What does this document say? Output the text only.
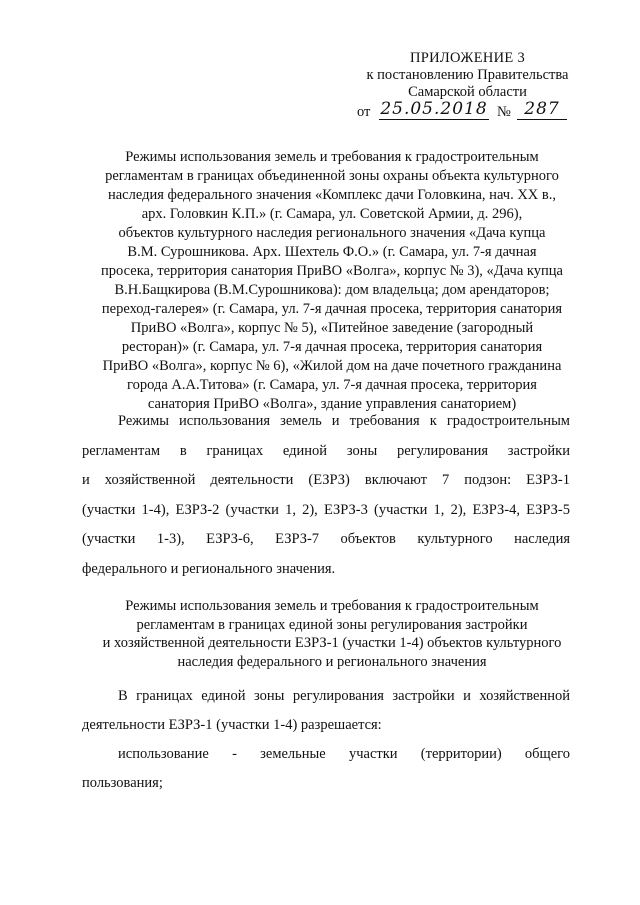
ПРИЛОЖЕНИЕ 3
к постановлению Правительства
Самарской области
от 25.05.2018 № 287
Режимы использования земель и требования к градостроительным
регламентам в границах объединенной зоны охраны объекта культурного
наследия федерального значения «Комплекс дачи Головкина, нач. XX в.,
арх. Головкин К.П.» (г. Самара, ул. Советской Армии, д. 296),
объектов культурного наследия регионального значения «Дача купца
В.М. Сурошникова. Арх. Шехтель Ф.О.» (г. Самара, ул. 7-я дачная
просека, территория санатория ПриВО «Волга», корпус № 3), «Дача купца
В.Н.Бащкирова (В.М.Сурошникова): дом владельца; дом арендаторов;
переход-галерея» (г. Самара, ул. 7-я дачная просека, территория санатория
ПриВО «Волга», корпус № 5), «Питейное заведение (загородный
ресторан)» (г. Самара, ул. 7-я дачная просека, территория санатория
ПриВО «Волга», корпус № 6), «Жилой дом на даче почетного гражданина
города А.А.Титова» (г. Самара, ул. 7-я дачная просека, территория
санатория ПриВО «Волга», здание управления санаторием)
Режимы использования земель и требования к градостроительным
регламентам в границах единой зоны регулирования застройки
и хозяйственной деятельности (ЕЗРЗ) включают 7 подзон: ЕЗРЗ-1
(участки 1-4), ЕЗРЗ-2 (участки 1, 2), ЕЗРЗ-3 (участки 1, 2), ЕЗРЗ-4, ЕЗРЗ-5
(участки 1-3), ЕЗРЗ-6, ЕЗРЗ-7 объектов культурного наследия
федерального и регионального значения.
Режимы использования земель и требования к градостроительным
регламентам в границах единой зоны регулирования застройки
и хозяйственной деятельности ЕЗРЗ-1 (участки 1-4) объектов культурного
наследия федерального и регионального значения
В границах единой зоны регулирования застройки и хозяйственной
деятельности ЕЗРЗ-1 (участки 1-4) разрешается:
использование - земельные участки (территории) общего
пользования;
